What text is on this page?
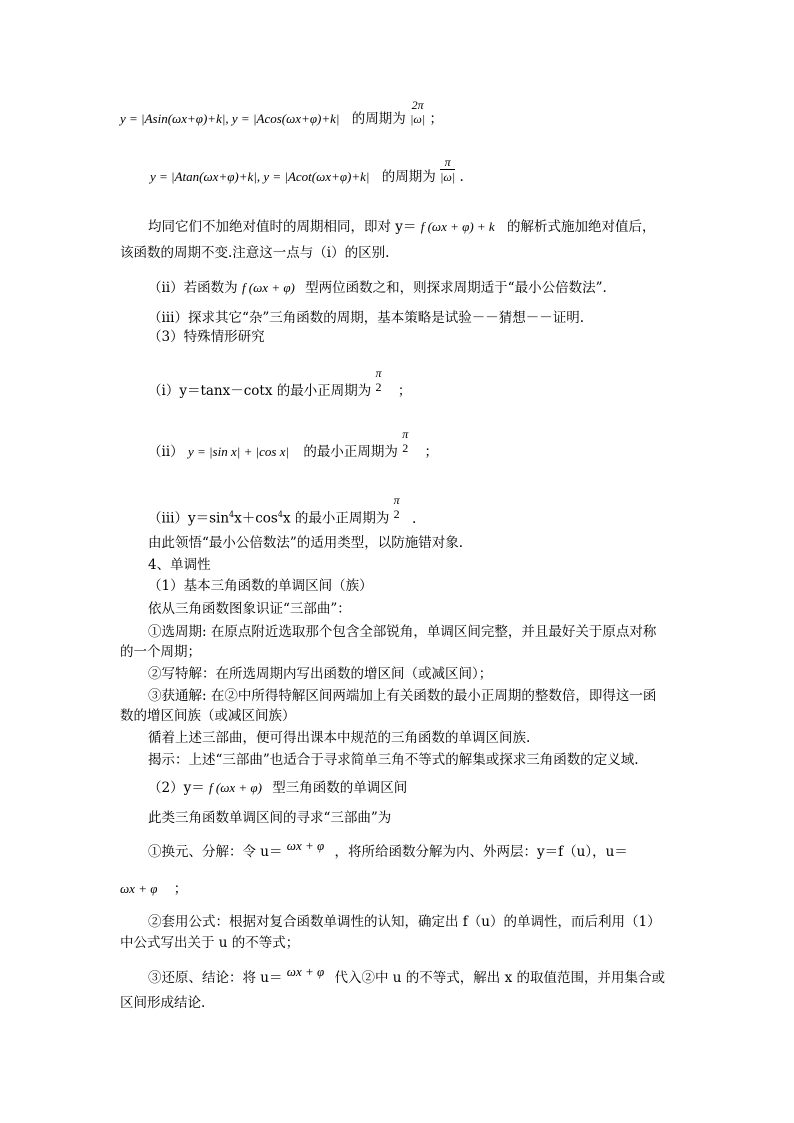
y = |Asin(ωx+φ)+k|, y = |Acos(ωx+φ)+k| 的周期为
2π
|ω| ；
y = |Atan(ωx+φ)+k|, y = |Acot(ωx+φ)+k| 的周期为 $\frac{\pi}{|\omega|}$ .
均同它们不加绝对值时的周期相同，即对 y＝ f (ωx + φ) + k 的解析式施加绝对值后，
该函数的周期不变.注意这一点与（ⅰ）的区别.
（ⅱ）若函数为 f (ωx + φ) 型两位函数之和，则探求周期适于“最小公倍数法”.
（ⅲ）探求其它“杂”三角函数的周期，基本策略是试验－－猜想－－证明.
（3）特殊情形研究
（ⅰ）y＝tanx－cotx 的最小正周期为
π
2 ；
（ⅱ） y = |sin x| + |cos x| 的最小正周期为
π
2 ；
$(ⅲ)y=\sin^4x+\cos^4x$ 的最小正周期为
π
2 .
由此领悟“最小公倍数法”的适用类型，以防施错对象.
4、单调性
（1）基本三角函数的单调区间（族）
依从三角函数图象识证“三部曲”：
①选周期: 在原点附近选取那个包含全部锐角，单调区间完整，并且最好关于原点对称
的一个周期；
②写特解：在所选周期内写出函数的增区间（或减区间）；
③获通解: 在②中所得特解区间两端加上有关函数的最小正周期的整数倍，即得这一函
数的增区间族（或减区间族）
循着上述三部曲，便可得出课本中规范的三角函数的单调区间族.
揭示：上述“三部曲”也适合于寻求简单三角不等式的解集或探求三角函数的定义域.
（2）y＝ f (ωx + φ) 型三角函数的单调区间
此类三角函数单调区间的寻求“三部曲”为
①换元、分解：令 u＝ ωx + φ ，将所给函数分解为内、外两层：y＝f（u），u＝
ωx + φ ；
②套用公式：根据对复合函数单调性的认知，确定出 f（u）的单调性，而后利用（1）
中公式写出关于 u 的不等式；
③还原、结论：将 u＝ ωx + φ 代入②中 u 的不等式，解出 x 的取值范围，并用集合或
区间形成结论.
